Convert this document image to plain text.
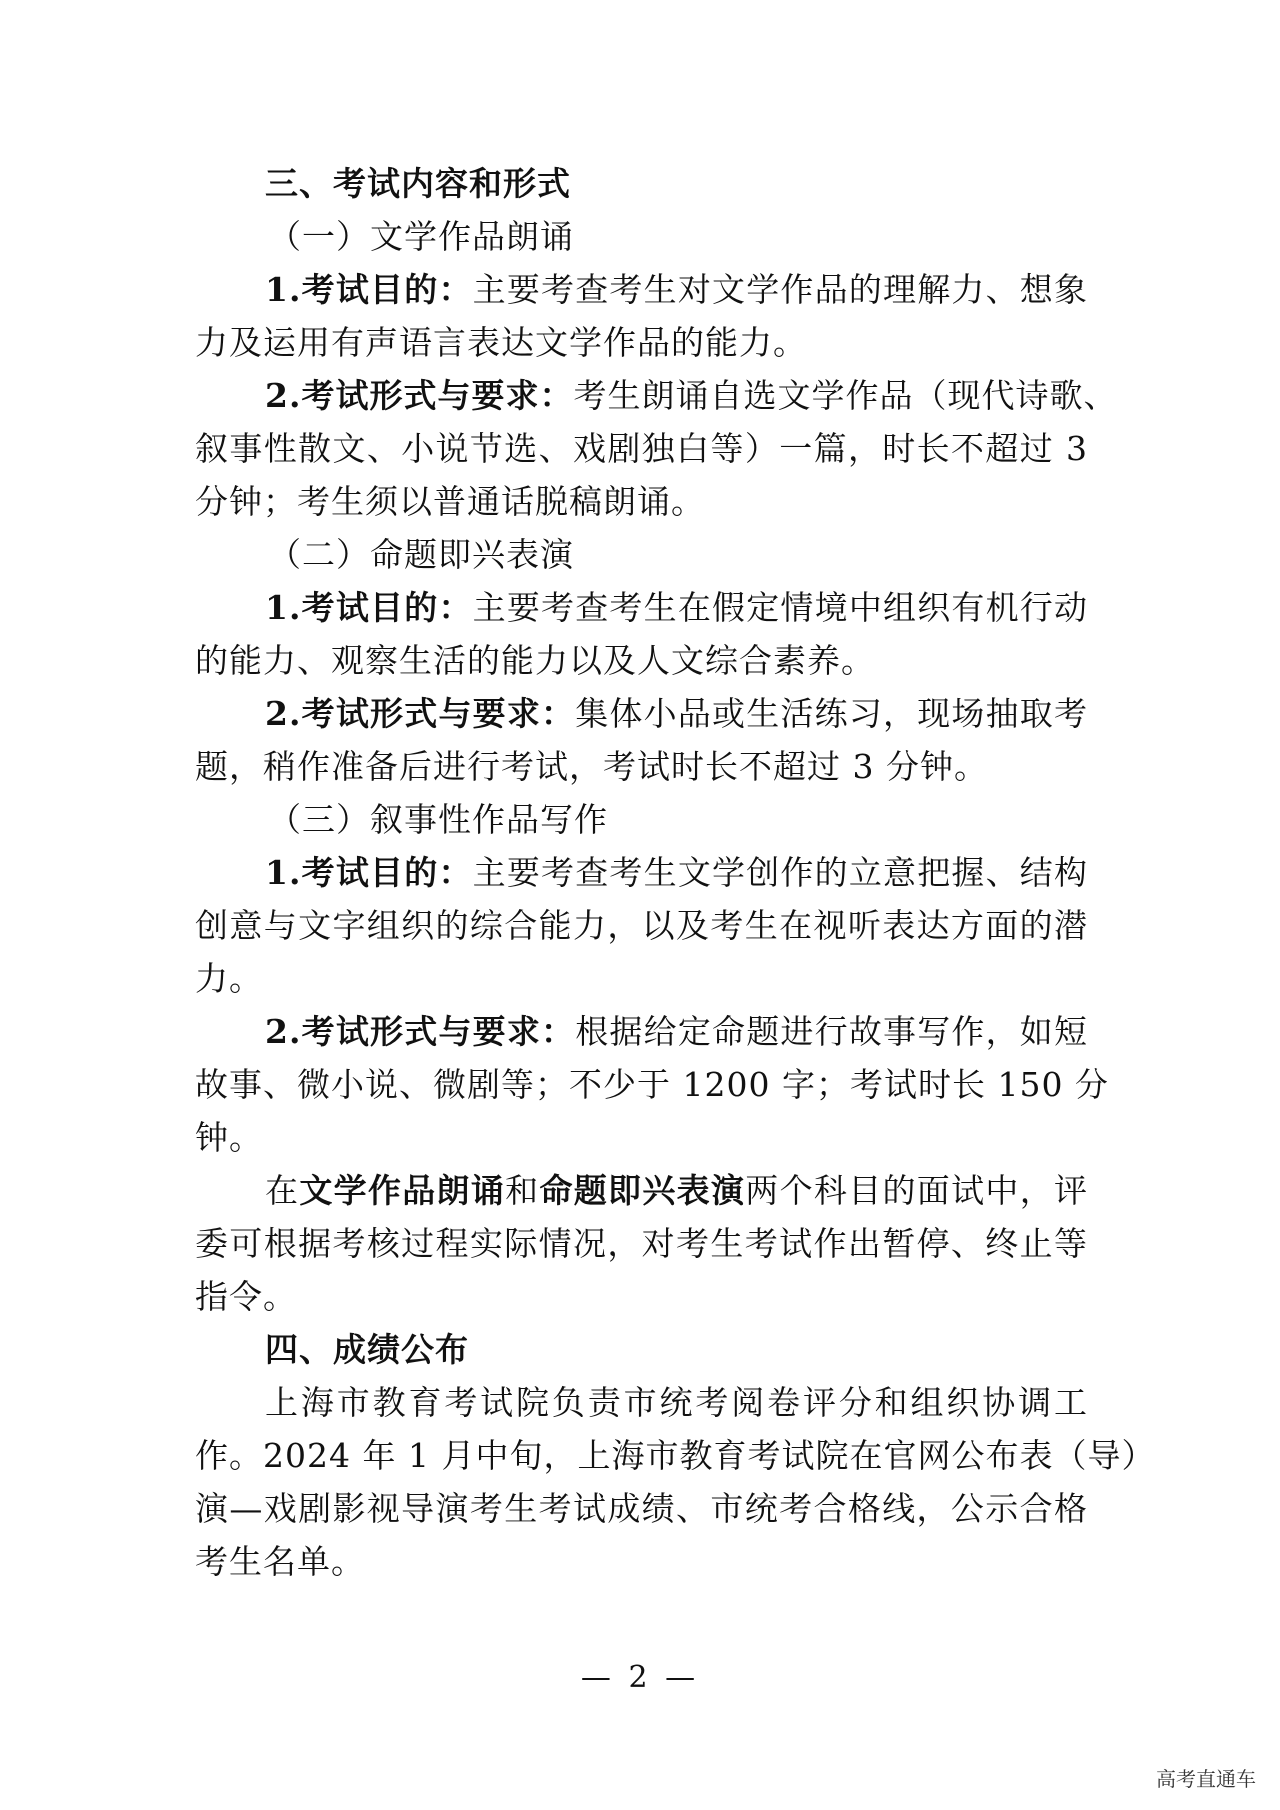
三、考试内容和形式
（一）文学作品朗诵
1.考试目的：主要考查考生对文学作品的理解力、想象
力及运用有声语言表达文学作品的能力。
2.考试形式与要求：考生朗诵自选文学作品（现代诗歌、
叙事性散文、小说节选、戏剧独白等）一篇，时长不超过 3
分钟；考生须以普通话脱稿朗诵。
（二）命题即兴表演
1.考试目的：主要考查考生在假定情境中组织有机行动
的能力、观察生活的能力以及人文综合素养。
2.考试形式与要求：集体小品或生活练习，现场抽取考
题，稍作准备后进行考试，考试时长不超过 3 分钟。
（三）叙事性作品写作
1.考试目的：主要考查考生文学创作的立意把握、结构
创意与文字组织的综合能力，以及考生在视听表达方面的潜
力。
2.考试形式与要求：根据给定命题进行故事写作，如短
故事、微小说、微剧等；不少于 1200 字；考试时长 150 分
钟。
在文学作品朗诵和命题即兴表演两个科目的面试中，评
委可根据考核过程实际情况，对考生考试作出暂停、终止等
指令。
四、成绩公布
上海市教育考试院负责市统考阅卷评分和组织协调工
作。2024 年 1 月中旬，上海市教育考试院在官网公布表（导）
演—戏剧影视导演考生考试成绩、市统考合格线，公示合格
考生名单。
— 2 —
高考直通车
